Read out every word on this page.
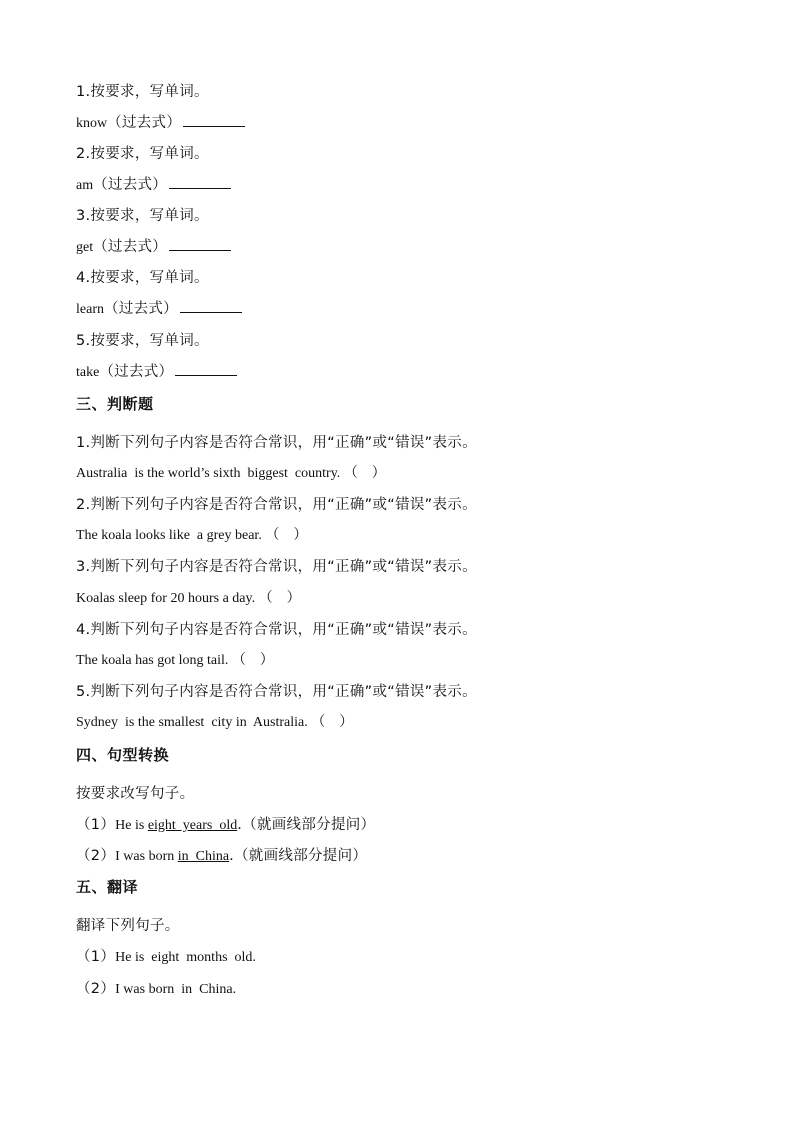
1.按要求，写单词。
know（过去式）
2.按要求，写单词。
am（过去式）
3.按要求，写单词。
get（过去式）
4.按要求，写单词。
learn（过去式）
5.按要求，写单词。
take（过去式）
三、判断题
1.判断下列句子内容是否符合常识，用“正确”或“错误”表示。
Australia  is the world’s sixth  biggest  country. （    ）
2.判断下列句子内容是否符合常识，用“正确”或“错误”表示。
The koala looks like  a grey bear. （    ）
3.判断下列句子内容是否符合常识，用“正确”或“错误”表示。
Koalas sleep for 20 hours a day. （    ）
4.判断下列句子内容是否符合常识，用“正确”或“错误”表示。
The koala has got long tail. （    ）
5.判断下列句子内容是否符合常识，用“正确”或“错误”表示。
Sydney  is the smallest  city in  Australia. （    ）
四、句型转换
按要求改写句子。
（1）He is eight  years  old.（就画线部分提问）
（2）I was born in  China.（就画线部分提问）
五、翻译
翻译下列句子。
（1）He is  eight  months  old.
（2）I was born  in  China.
